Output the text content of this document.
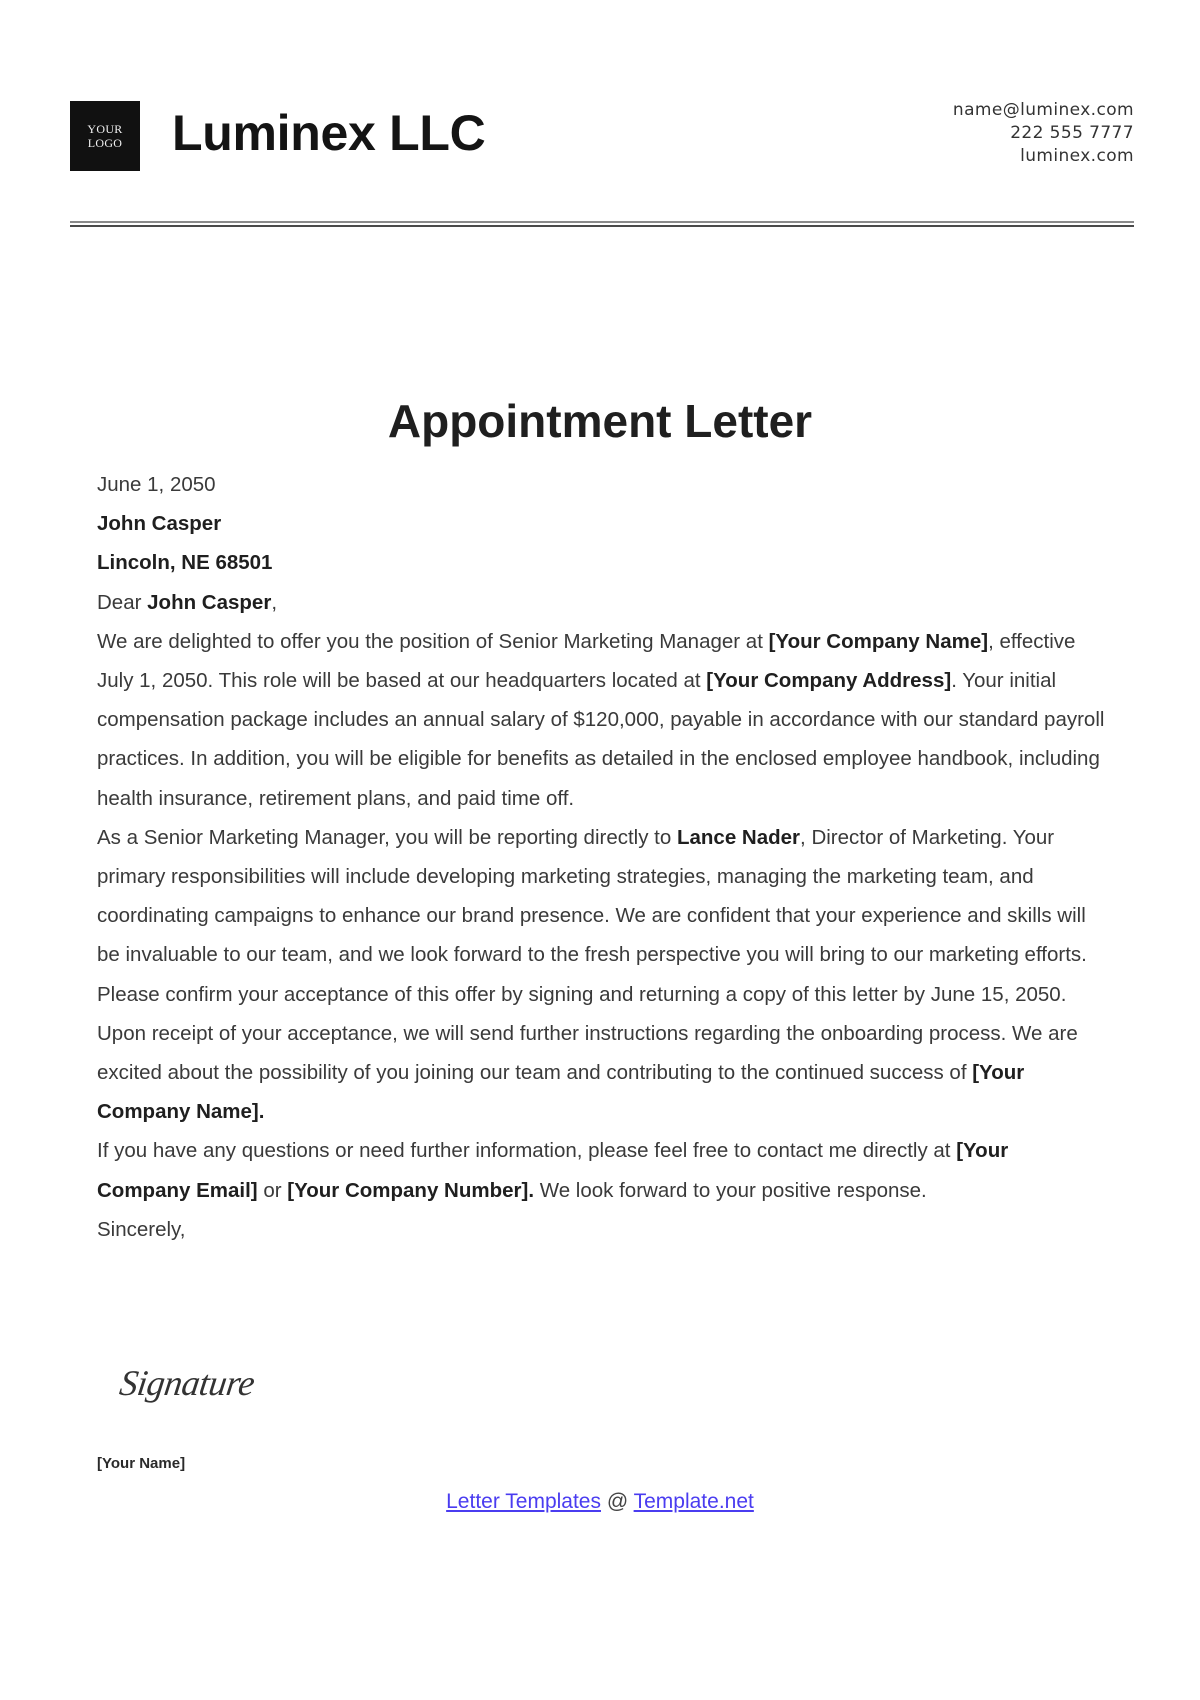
YOUR
LOGO Luminex LLC	name@luminex.com
222 555 7777
luminex.com
Appointment Letter

June 1, 2050

John Casper

Lincoln, NE 68501

Dear John Casper,

We are delighted to offer you the position of Senior Marketing Manager at [Your Company Name], effective July 1, 2050. This role will be based at our headquarters located at [Your Company Address]. Your initial compensation package includes an annual salary of $120,000, payable in accordance with our standard payroll practices. In addition, you will be eligible for benefits as detailed in the enclosed employee handbook, including health insurance, retirement plans, and paid time off.

As a Senior Marketing Manager, you will be reporting directly to Lance Nader, Director of Marketing. Your primary responsibilities will include developing marketing strategies, managing the marketing team, and coordinating campaigns to enhance our brand presence. We are confident that your experience and skills will be invaluable to our team, and we look forward to the fresh perspective you will bring to our marketing efforts.

Please confirm your acceptance of this offer by signing and returning a copy of this letter by June 15, 2050. Upon receipt of your acceptance, we will send further instructions regarding the onboarding process. We are excited about the possibility of you joining our team and contributing to the continued success of [Your Company Name].

If you have any questions or need further information, please feel free to contact me directly at [Your Company Email] or [Your Company Number]. We look forward to your positive response.

Sincerely,

Signature
[Your Name]
Letter Templates @ Template.net
